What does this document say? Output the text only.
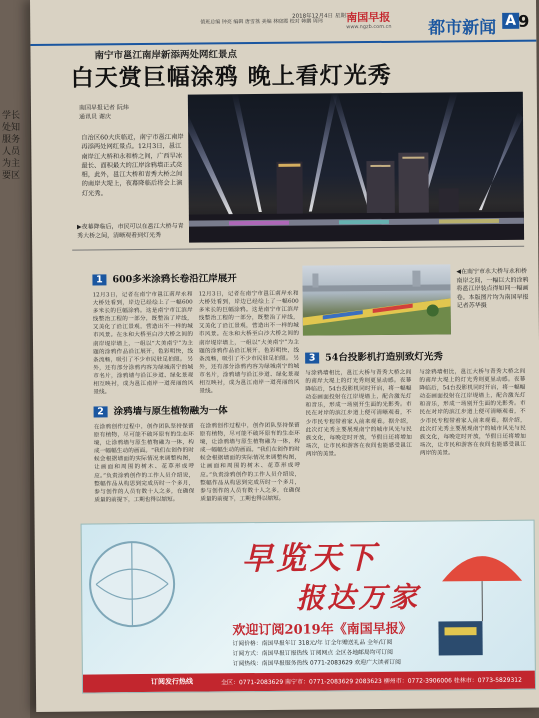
学长处知服务人员为主要区
值班总编 钟亮 编辑 唐雪荔 美编 林晓霞 校对 韩鹏 周玮
2018年12月4日 星期二
南国早报
www.ngzb.com.cn 都市新闻 A 9
南宁市邕江南岸新添两处网红景点
白天赏巨幅涂鸦 晚上看灯光秀
南国早报记者 阮炜
通讯员 谢庆
自治区60大庆临近，南宁市邕江南岸再添两处网红景点。12月3日，邕江南岸江大桥和永和桥之间，广西旱冰最长、面积最大的江岸涂鸦墙正式亮相，此外，邕江大桥和青秀大桥之间的南岸大堤上，夜幕降临后将会上演灯光秀。
▶夜幕降临后，市民可以在邕江大桥与青秀大桥之间，清晰观看到灯光秀
1 600多米涂鸦长卷沿江岸展开
12月3日，记者在南宁市邕江南岸永和大桥处看到，岸边已经绘上了一幅600多米长的巨幅涂鸦。这是南宁市江滨岸线整治工程的一部分，既整治了岸线，又美化了沿江景观，营造出不一样的城市风景。在永和大桥至白沙大桥之间的南岸堤岸墙上，一组以“大美南宁”为主题的涂鸦作品沿江展开，色彩明快，线条流畅，吸引了不少市民驻足拍照。 另外，还有部分涂鸦内容为绿城南宁的城市名片，涂鸦墙与沿江步道、绿化景观相互映衬，成为邕江南岸一道亮丽的风景线。
12月3日，记者在南宁市邕江南岸永和大桥处看到，岸边已经绘上了一幅600多米长的巨幅涂鸦。这是南宁市江滨岸线整治工程的一部分，既整治了岸线，又美化了沿江景观，营造出不一样的城市风景。在永和大桥至白沙大桥之间的南岸堤岸墙上，一组以“大美南宁”为主题的涂鸦作品沿江展开，色彩明快，线条流畅，吸引了不少市民驻足拍照。 另外，还有部分涂鸦内容为绿城南宁的城市名片，涂鸦墙与沿江步道、绿化景观相互映衬，成为邕江南岸一道亮丽的风景线。
2 涂鸦墙与原生植物融为一体
在涂鸦创作过程中，创作团队坚持保留原有植物，尽可能不破坏原有的生态环境，让涂鸦墙与原生植物融为一体，构成一幅幅生动的画面。“我们在创作的时候会根据墙面的实际情况来调整构图，让画面和周围的树木、花草形成呼应。”负责涂鸦创作的工作人员介绍说，整幅作品从构思到完成历时一个多月，参与创作的人员有数十人之多，在确保质量的前提下，工期也得以缩短。
在涂鸦创作过程中，创作团队坚持保留原有植物，尽可能不破坏原有的生态环境，让涂鸦墙与原生植物融为一体，构成一幅幅生动的画面。“我们在创作的时候会根据墙面的实际情况来调整构图，让画面和周围的树木、花草形成呼应。”负责涂鸦创作的工作人员介绍说，整幅作品从构思到完成历时一个多月，参与创作的人员有数十人之多，在确保质量的前提下，工期也得以缩短。
◀在南宁市永大桥与永和桥南岸之间，一幅巨大的涂鸦将邕江岸装点得如同一幅画卷。本版图片均为南国早报记者苏华摄
3 54台投影机打造别致灯光秀
与涂鸦墙相比，邕江大桥与青秀大桥之间的南岸大堤上的灯光秀则更显动感。夜幕降临后，54台投影机同时开启，将一幅幅动态画面投射在江岸堤墙上，配合激光灯和音乐，形成一场别开生面的光影秀。市民在对岸的滨江步道上便可清晰观看，不少市民专程带着家人前来观看。据介绍，此次灯光秀主要展现南宁的城市风光与民族文化，每晚定时开放，节假日还将增加场次，让市民和游客在夜间也能感受邕江两岸的美景。
与涂鸦墙相比，邕江大桥与青秀大桥之间的南岸大堤上的灯光秀则更显动感。夜幕降临后，54台投影机同时开启，将一幅幅动态画面投射在江岸堤墙上，配合激光灯和音乐，形成一场别开生面的光影秀。市民在对岸的滨江步道上便可清晰观看，不少市民专程带着家人前来观看。据介绍，此次灯光秀主要展现南宁的城市风光与民族文化，每晚定时开放，节假日还将增加场次，让市民和游客在夜间也能感受邕江两岸的美景。
早览天下
报达万家
欢迎订阅2019年《南国早报》
订阅价格：南国早报年订 318元/年 订全年赠送礼品 全年/订阅
订阅方式：南国早报订报热线 订阅网点 全区各地邮局均可订阅
订阅热线：南国早报服务热线 0771-2083629 欢迎广大读者订阅
订阅发行热线	全区：0771-2083629 南宁市：0771-2083629 2083623 柳州市：0772-3906006 桂林市：0773-5829312
